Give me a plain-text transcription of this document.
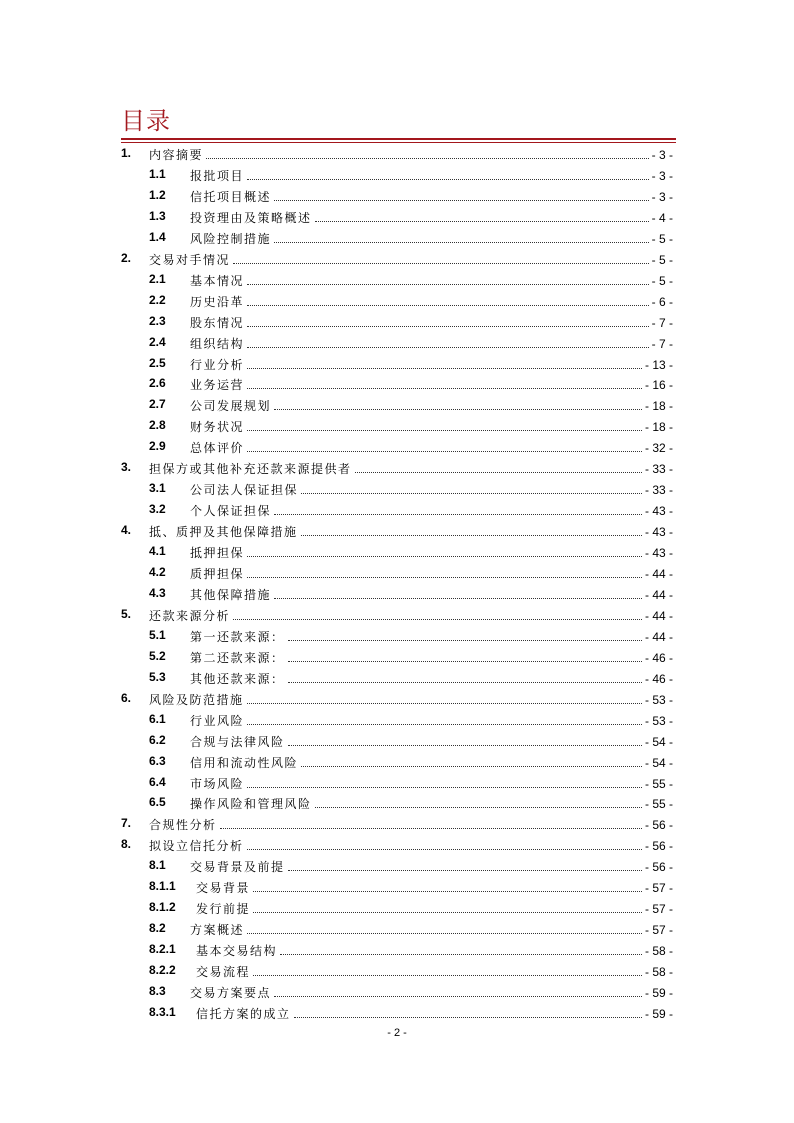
目录
1. 内容摘要	- 3 -
1.1 报批项目	- 3 -
1.2 信托项目概述	- 3 -
1.3 投资理由及策略概述	- 4 -
1.4 风险控制措施	- 5 -
2. 交易对手情况	- 5 -
2.1 基本情况	- 5 -
2.2 历史沿革	- 6 -
2.3 股东情况	- 7 -
2.4 组织结构	- 7 -
2.5 行业分析	- 13 -
2.6 业务运营	- 16 -
2.7 公司发展规划	- 18 -
2.8 财务状况	- 18 -
2.9 总体评价	- 32 -
3. 担保方或其他补充还款来源提供者	- 33 -
3.1 公司法人保证担保	- 33 -
3.2 个人保证担保	- 43 -
4. 抵、质押及其他保障措施	- 43 -
4.1 抵押担保	- 43 -
4.2 质押担保	- 44 -
4.3 其他保障措施	- 44 -
5. 还款来源分析	- 44 -
5.1 第一还款来源：	- 44 -
5.2 第二还款来源：	- 46 -
5.3 其他还款来源：	- 46 -
6. 风险及防范措施	- 53 -
6.1 行业风险	- 53 -
6.2 合规与法律风险	- 54 -
6.3 信用和流动性风险	- 54 -
6.4 市场风险	- 55 -
6.5 操作风险和管理风险	- 55 -
7. 合规性分析	- 56 -
8. 拟设立信托分析	- 56 -
8.1 交易背景及前提	- 56 -
8.1.1 交易背景	- 57 -
8.1.2 发行前提	- 57 -
8.2 方案概述	- 57 -
8.2.1 基本交易结构	- 58 -
8.2.2 交易流程	- 58 -
8.3 交易方案要点	- 59 -
8.3.1 信托方案的成立	- 59 -
- 2 -
